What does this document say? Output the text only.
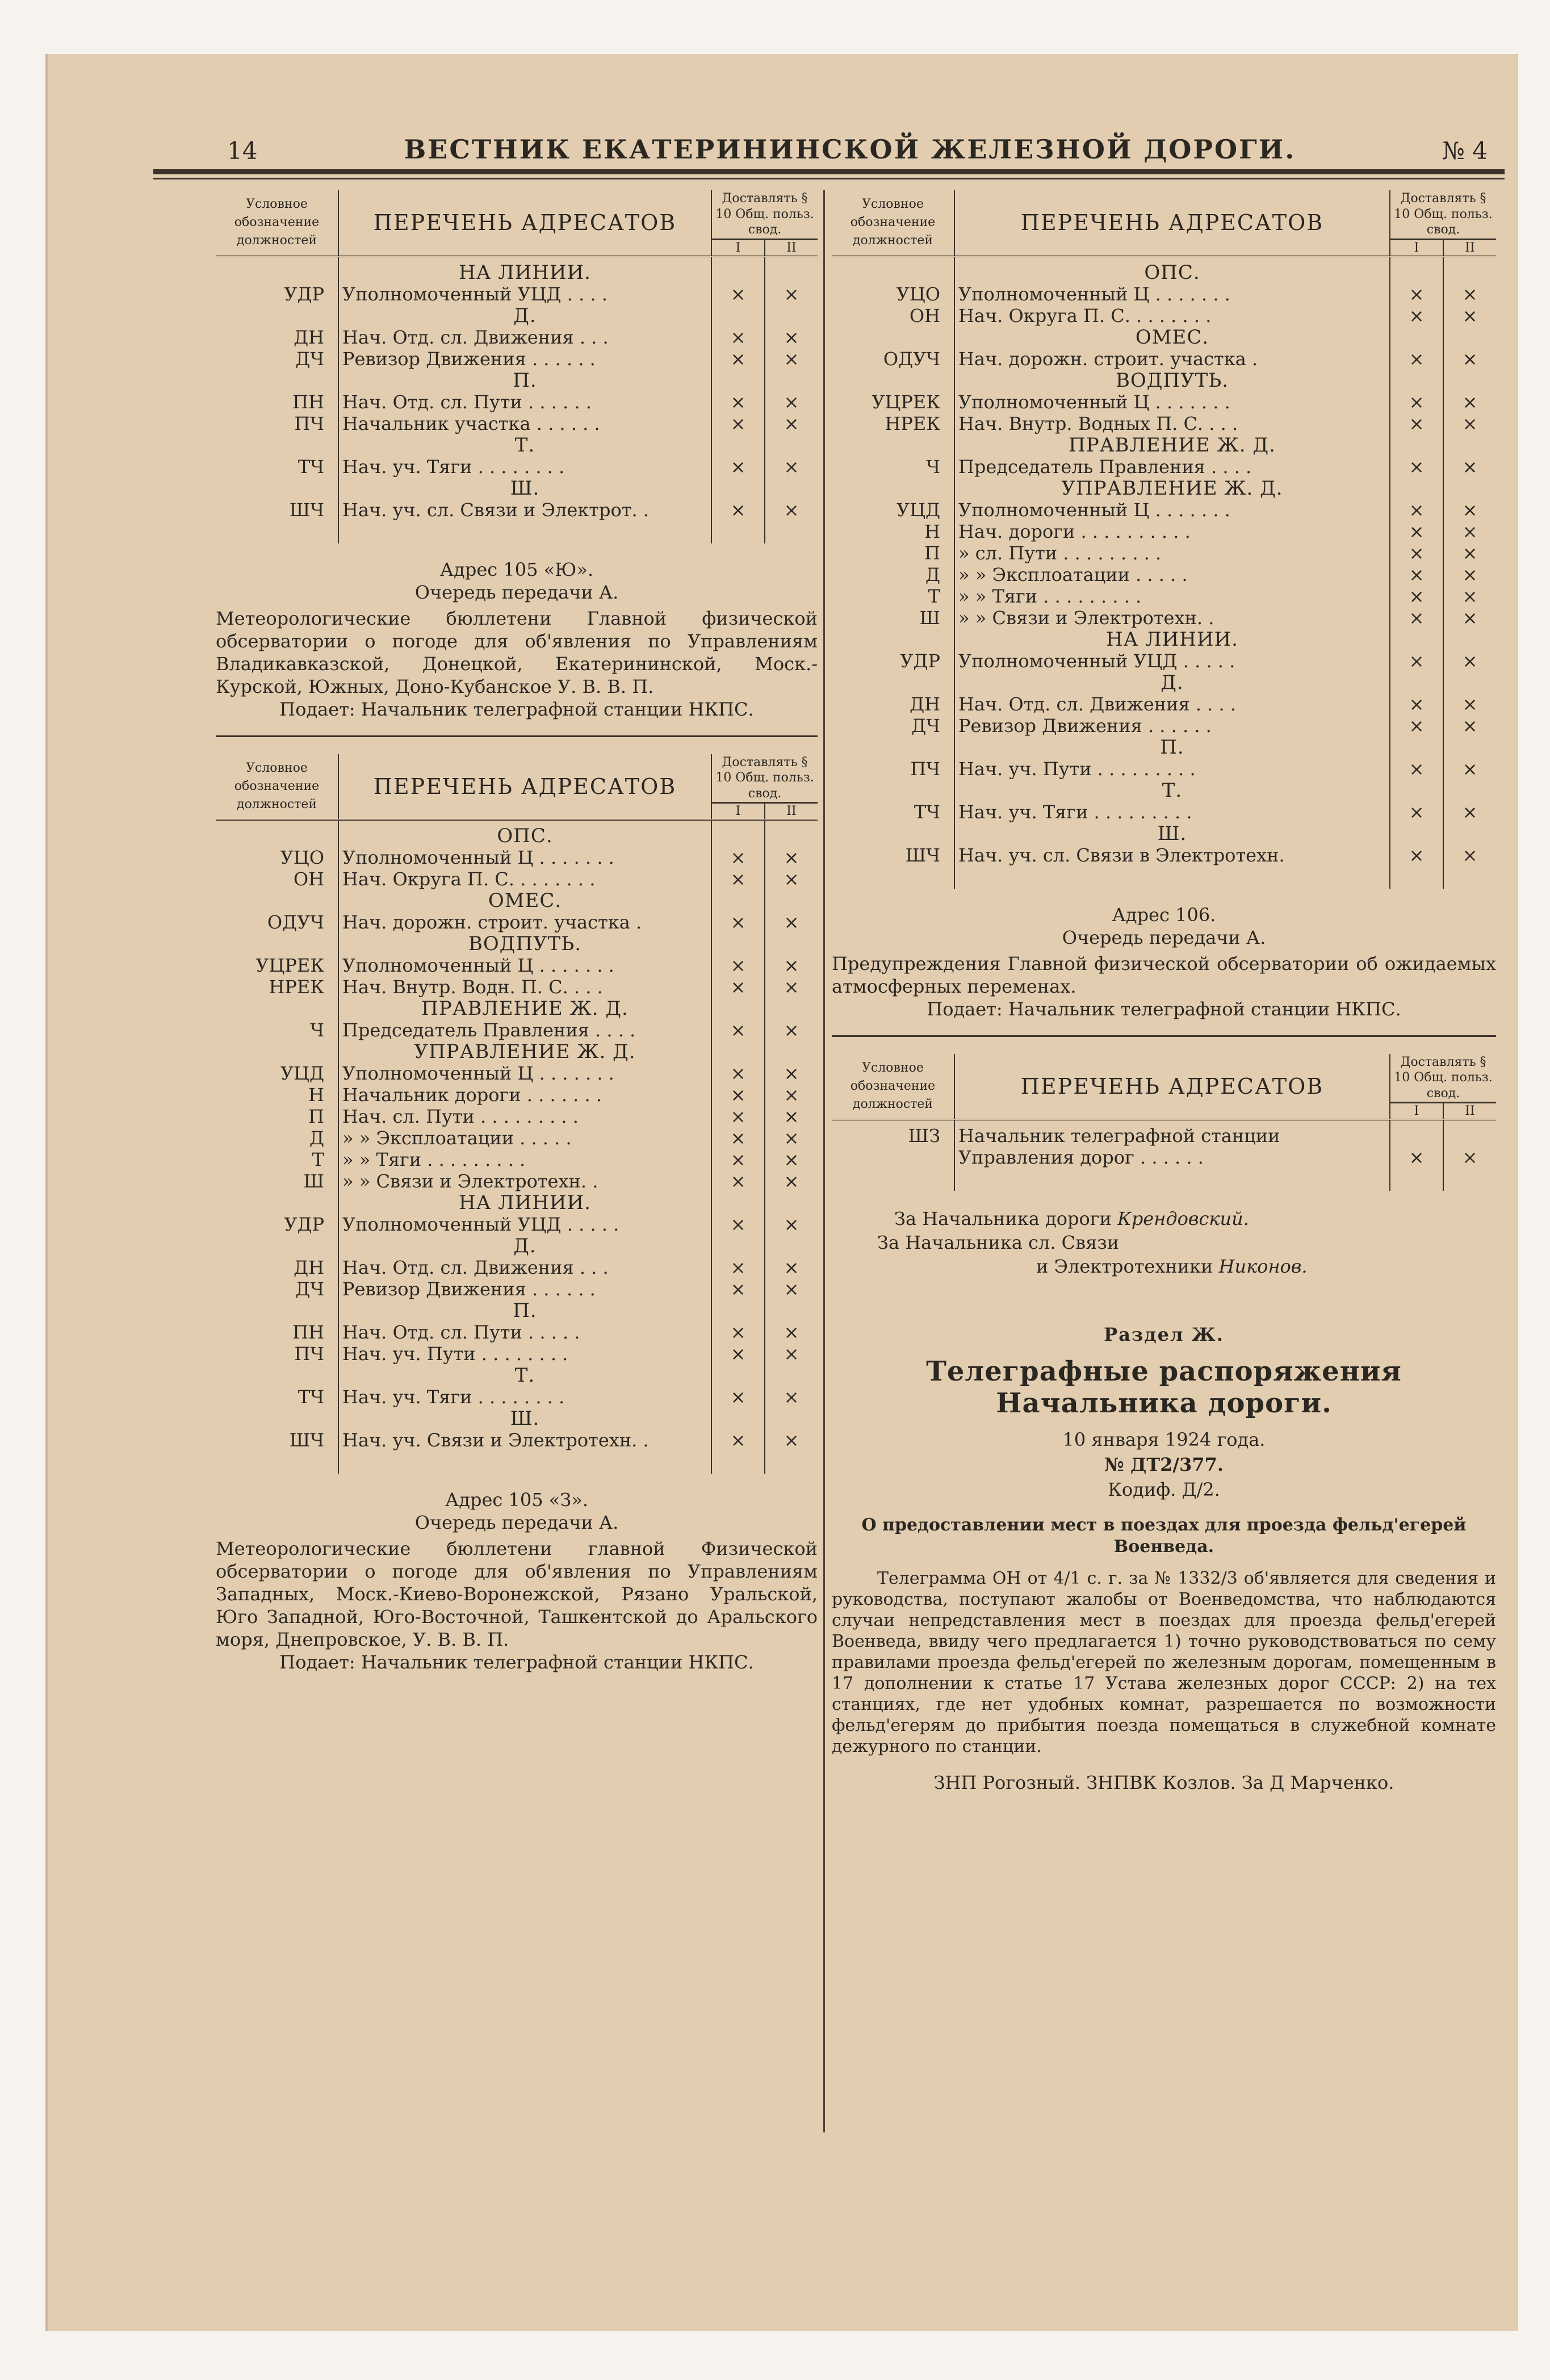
14	ВЕСТНИК ЕКАТЕРИНИНСКОЙ ЖЕЛЕЗНОЙ ДОРОГИ.	№ 4
Условное обозначение должностей	ПЕРЕЧЕНЬ АДРЕСАТОВ	Доставлять § 10 Общ. польз. свод.	
		I	II
	НА ЛИНИИ.		
УДР	Уполномоченный УЦД . . . .	×	×
	Д.		
ДН	Нач. Отд. сл. Движения . . .	×	×
ДЧ	Ревизор Движения . . . . . .	×	×
	П.		
ПН	Нач. Отд. сл. Пути . . . . . .	×	×
ПЧ	Начальник участка . . . . . .	×	×
	Т.		
ТЧ	Нач. уч. Тяги . . . . . . . .	×	×
	Ш.		
ШЧ	Нач. уч. сл. Связи и Электрот. .	×	×

Адрес 105 «Ю».

Очередь передачи А.

Метеорологические бюллетени Главной физической обсерватории о погоде для об'явления по Управлениям Владикавказской, Донецкой, Екатерининской, Моск.-Курской, Южных, Доно-Кубанское У. В. В. П.

Подает: Начальник телеграфной станции НКПС.

Условное обозначение должностей	ПЕРЕЧЕНЬ АДРЕСАТОВ	Доставлять § 10 Общ. польз. свод.	
		I	II
	ОПС.		
УЦО	Уполномоченный Ц . . . . . . .	×	×
ОН	Нач. Округа П. С. . . . . . . .	×	×
	ОМЕС.		
ОДУЧ	Нач. дорожн. строит. участка .	×	×
	ВОДПУТЬ.		
УЦРЕК	Уполномоченный Ц . . . . . . .	×	×
НРЕК	Нач. Внутр. Водн. П. С. . . .	×	×
	ПРАВЛЕНИЕ Ж. Д.		
Ч	Председатель Правления . . . .	×	×
	УПРАВЛЕНИЕ Ж. Д.		
УЦД	Уполномоченный Ц . . . . . . .	×	×
Н	Начальник дороги . . . . . . .	×	×
П	Нач. сл. Пути . . . . . . . . .	×	×
Д	» » Эксплоатации . . . . .	×	×
Т	» » Тяги . . . . . . . . .	×	×
Ш	» » Связи и Электротехн. .	×	×
	НА ЛИНИИ.		
УДР	Уполномоченный УЦД . . . . .	×	×
	Д.		
ДН	Нач. Отд. сл. Движения . . .	×	×
ДЧ	Ревизор Движения . . . . . .	×	×
	П.		
ПН	Нач. Отд. сл. Пути . . . . .	×	×
ПЧ	Нач. уч. Пути . . . . . . . .	×	×
	Т.		
ТЧ	Нач. уч. Тяги . . . . . . . .	×	×
	Ш.		
ШЧ	Нач. уч. Связи и Электротехн. .	×	×

Адрес 105 «З».

Очередь передачи А.

Метеорологические бюллетени главной Физической обсерватории о погоде для об'явления по Управлениям Западных, Моск.-Киево-Воронежской, Рязано Уральской, Юго Западной, Юго-Восточной, Ташкентской до Аральского моря, Днепровское, У. В. В. П.

Подает: Начальник телеграфной станции НКПС.

Условное обозначение должностей	ПЕРЕЧЕНЬ АДРЕСАТОВ	Доставлять § 10 Общ. польз. свод.	
		I	II
	ОПС.		
УЦО	Уполномоченный Ц . . . . . . .	×	×
ОН	Нач. Округа П. С. . . . . . . .	×	×
	ОМЕС.		
ОДУЧ	Нач. дорожн. строит. участка .	×	×
	ВОДПУТЬ.		
УЦРЕК	Уполномоченный Ц . . . . . . .	×	×
НРЕК	Нач. Внутр. Водных П. С. . . .	×	×
	ПРАВЛЕНИЕ Ж. Д.		
Ч	Председатель Правления . . . .	×	×
	УПРАВЛЕНИЕ Ж. Д.		
УЦД	Уполномоченный Ц . . . . . . .	×	×
Н	Нач. дороги . . . . . . . . . .	×	×
П	» сл. Пути . . . . . . . . .	×	×
Д	» » Эксплоатации . . . . .	×	×
Т	» » Тяги . . . . . . . . .	×	×
Ш	» » Связи и Электротехн. .	×	×
	НА ЛИНИИ.		
УДР	Уполномоченный УЦД . . . . .	×	×
	Д.		
ДН	Нач. Отд. сл. Движения . . . .	×	×
ДЧ	Ревизор Движения . . . . . .	×	×
	П.		
ПЧ	Нач. уч. Пути . . . . . . . . .	×	×
	Т.		
ТЧ	Нач. уч. Тяги . . . . . . . . .	×	×
	Ш.		
ШЧ	Нач. уч. сл. Связи в Электротехн.	×	×

Адрес 106.

Очередь передачи А.

Предупреждения Главной физической обсерватории об ожидаемых атмосферных переменах.

Подает: Начальник телеграфной станции НКПС.

Условное обозначение должностей	ПЕРЕЧЕНЬ АДРЕСАТОВ	Доставлять § 10 Общ. польз. свод.	
		I	II
ШЗ	Начальник телеграфной станции		
	Управления дорог . . . . . .	×	×

За Начальника дороги Крендовский.
За Начальника сл. Связи
и Электротехники Никонов.
Раздел Ж.
Телеграфные распоряжения Начальника дороги.
10 января 1924 года.
№ ДТ2/377.
Кодиф. Д/2.
О предоставлении мест в поездах для проезда фельд'егерей Военведа.
Телеграмма ОН от 4/1 с. г. за № 1332/3 об'является для сведения и руководства, поступают жалобы от Военведомства, что наблюдаются случаи непредставления мест в поездах для проезда фельд'егерей Военведа, ввиду чего предлагается 1) точно руководствоваться по сему правилами проезда фельд'егерей по железным дорогам, помещенным в 17 дополнении к статье 17 Устава железных дорог СССР: 2) на тех станциях, где нет удобных комнат, разрешается по возможности фельд'егерям до прибытия поезда помещаться в служебной комнате дежурного по станции.
ЗНП Рогозный. ЗНПВК Козлов. За Д Марченко.
